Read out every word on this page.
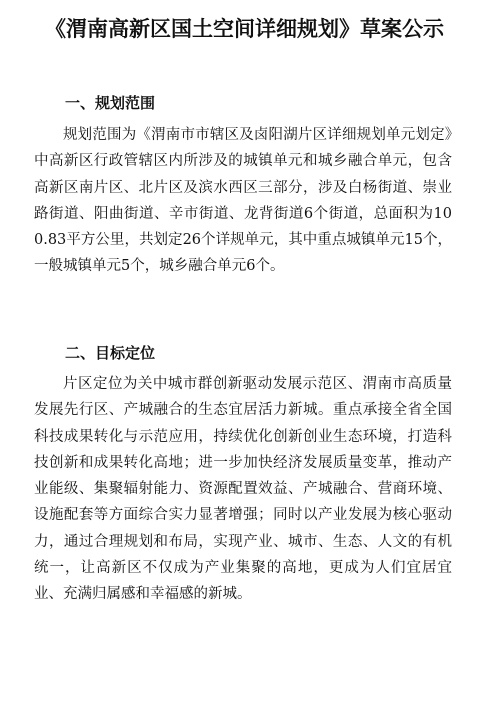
《渭南高新区国土空间详细规划》草案公示
一、规划范围

规划范围为《渭南市市辖区及卤阳湖片区详细规划单元划定》中高新区行政管辖区内所涉及的城镇单元和城乡融合单元，包含高新区南片区、北片区及滨水西区三部分，涉及白杨街道、崇业路街道、阳曲街道、辛市街道、龙背街道6个街道，总面积为100.83平方公里，共划定26个详规单元，其中重点城镇单元15个，一般城镇单元5个，城乡融合单元6个。

二、目标定位

片区定位为关中城市群创新驱动发展示范区、渭南市高质量发展先行区、产城融合的生态宜居活力新城。重点承接全省全国科技成果转化与示范应用，持续优化创新创业生态环境，打造科技创新和成果转化高地；进一步加快经济发展质量变革，推动产业能级、集聚辐射能力、资源配置效益、产城融合、营商环境、设施配套等方面综合实力显著增强；同时以产业发展为核心驱动力，通过合理规划和布局，实现产业、城市、生态、人文的有机统一，让高新区不仅成为产业集聚的高地，更成为人们宜居宜业、充满归属感和幸福感的新城。
